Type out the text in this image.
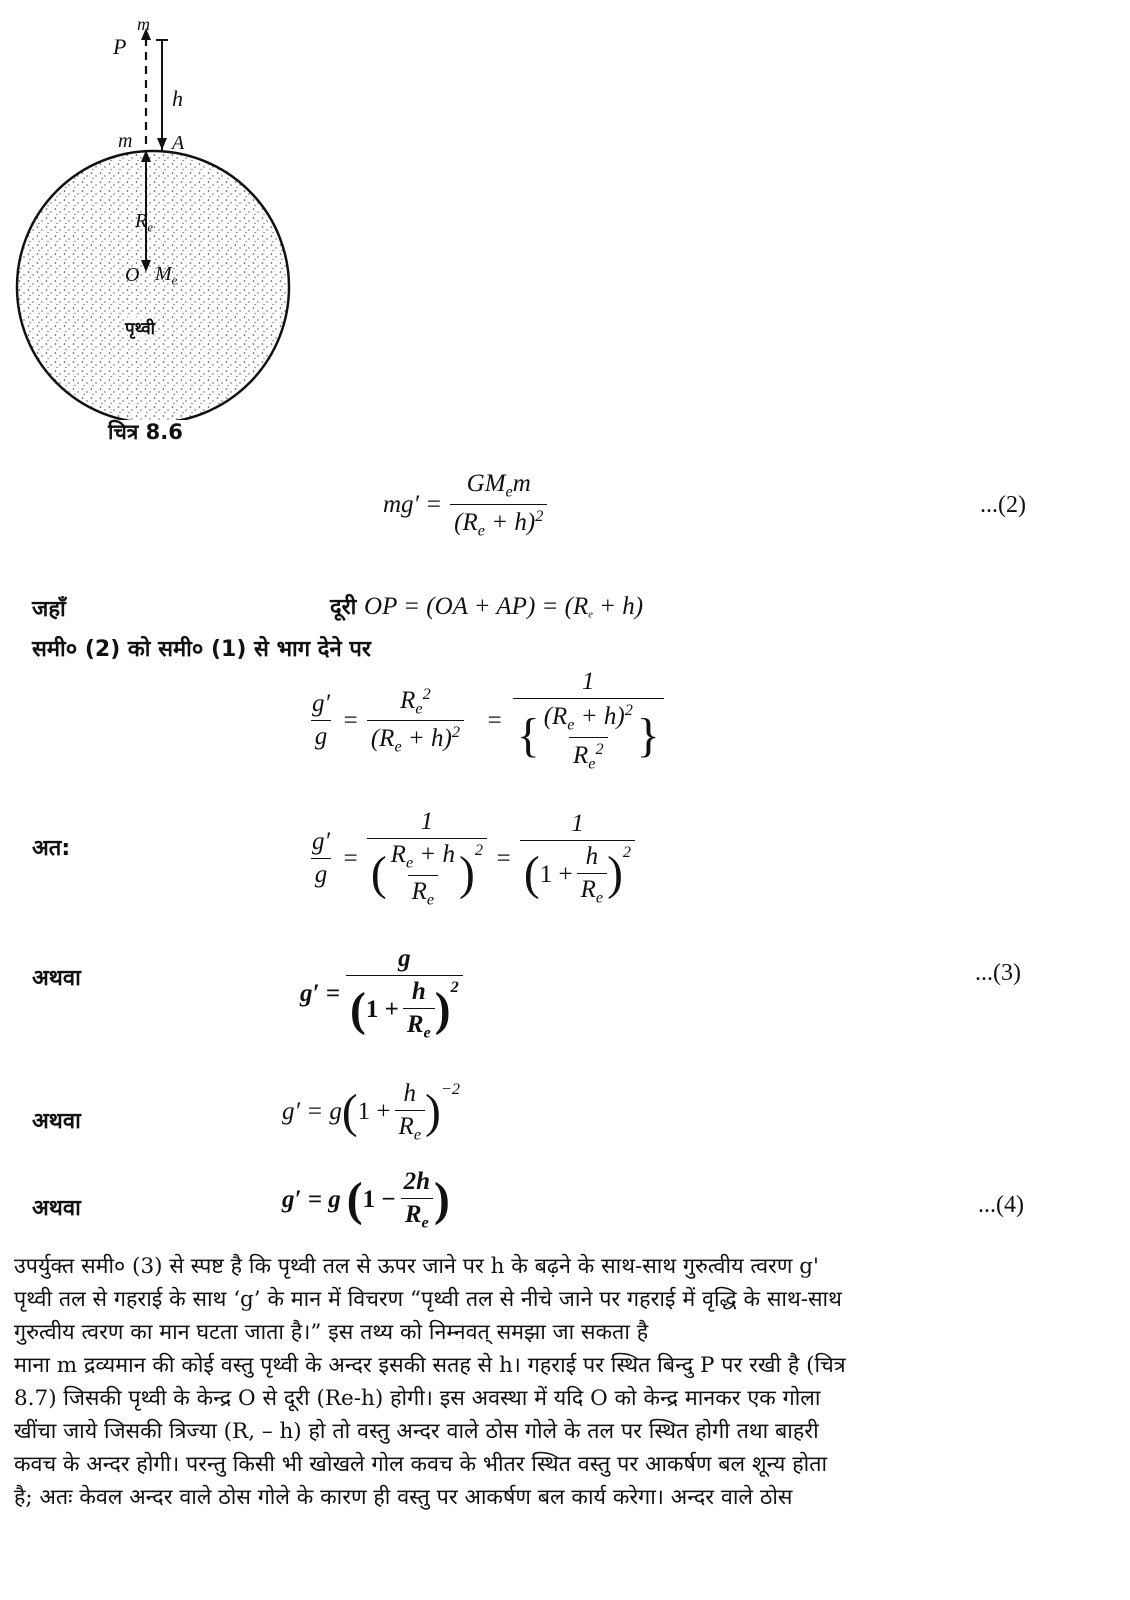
P
m
h
m A
$R_e$
O $M_e$
पृथ्वी
चित्र 8.6
$mg' = \frac{GM_em}{(R_e + h)^2}$	...(2)
जहाँ	दूरी OP = $(OA + AP) = (R_e + h)$
समी० (2) को समी० (1) से भाग देने पर
$\frac{g'}{g} = \frac{R_e^2}{(R_e + h)^2} = \frac{1}{\{ \frac{(R_e + h)^2}{R_e^2} \}}$
अत:	$\frac{g'}{g} = \frac{1}{( \frac{R_e + h}{R_e} ) 2} = \frac{1}{( 1 + \frac{h}{R_e} ) 2}$
अथवा
$g' = \frac{g}{( 1 + \frac{h}{R_e} ) 2}$	...(3)
अथवा	g′ = g ( $1 + \frac{h}{R_e}$ ) −2
अथवा	g′ = g ( $1 - \frac{2h}{R_e}$ )	...(4)
उपर्युक्त समी० (3) से स्पष्ट है कि पृथ्वी तल से ऊपर जाने पर h के बढ़ने के साथ-साथ गुरुत्वीय त्वरण g'
पृथ्वी तल से गहराई के साथ ‘g’ के मान में विचरण “पृथ्वी तल से नीचे जाने पर गहराई में वृद्धि के साथ-साथ
गुरुत्वीय त्वरण का मान घटता जाता है।” इस तथ्य को निम्नवत् समझा जा सकता है
माना m द्रव्यमान की कोई वस्तु पृथ्वी के अन्दर इसकी सतह से h। गहराई पर स्थित बिन्दु P पर रखी है (चित्र
8.7) जिसकी पृथ्वी के केन्द्र O से दूरी (Re-h) होगी। इस अवस्था में यदि O को केन्द्र मानकर एक गोला
खींचा जाये जिसकी त्रिज्या (R, – h) हो तो वस्तु अन्दर वाले ठोस गोले के तल पर स्थित होगी तथा बाहरी
कवच के अन्दर होगी। परन्तु किसी भी खोखले गोल कवच के भीतर स्थित वस्तु पर आकर्षण बल शून्य होता
है; अतः केवल अन्दर वाले ठोस गोले के कारण ही वस्तु पर आकर्षण बल कार्य करेगा। अन्दर वाले ठोस
